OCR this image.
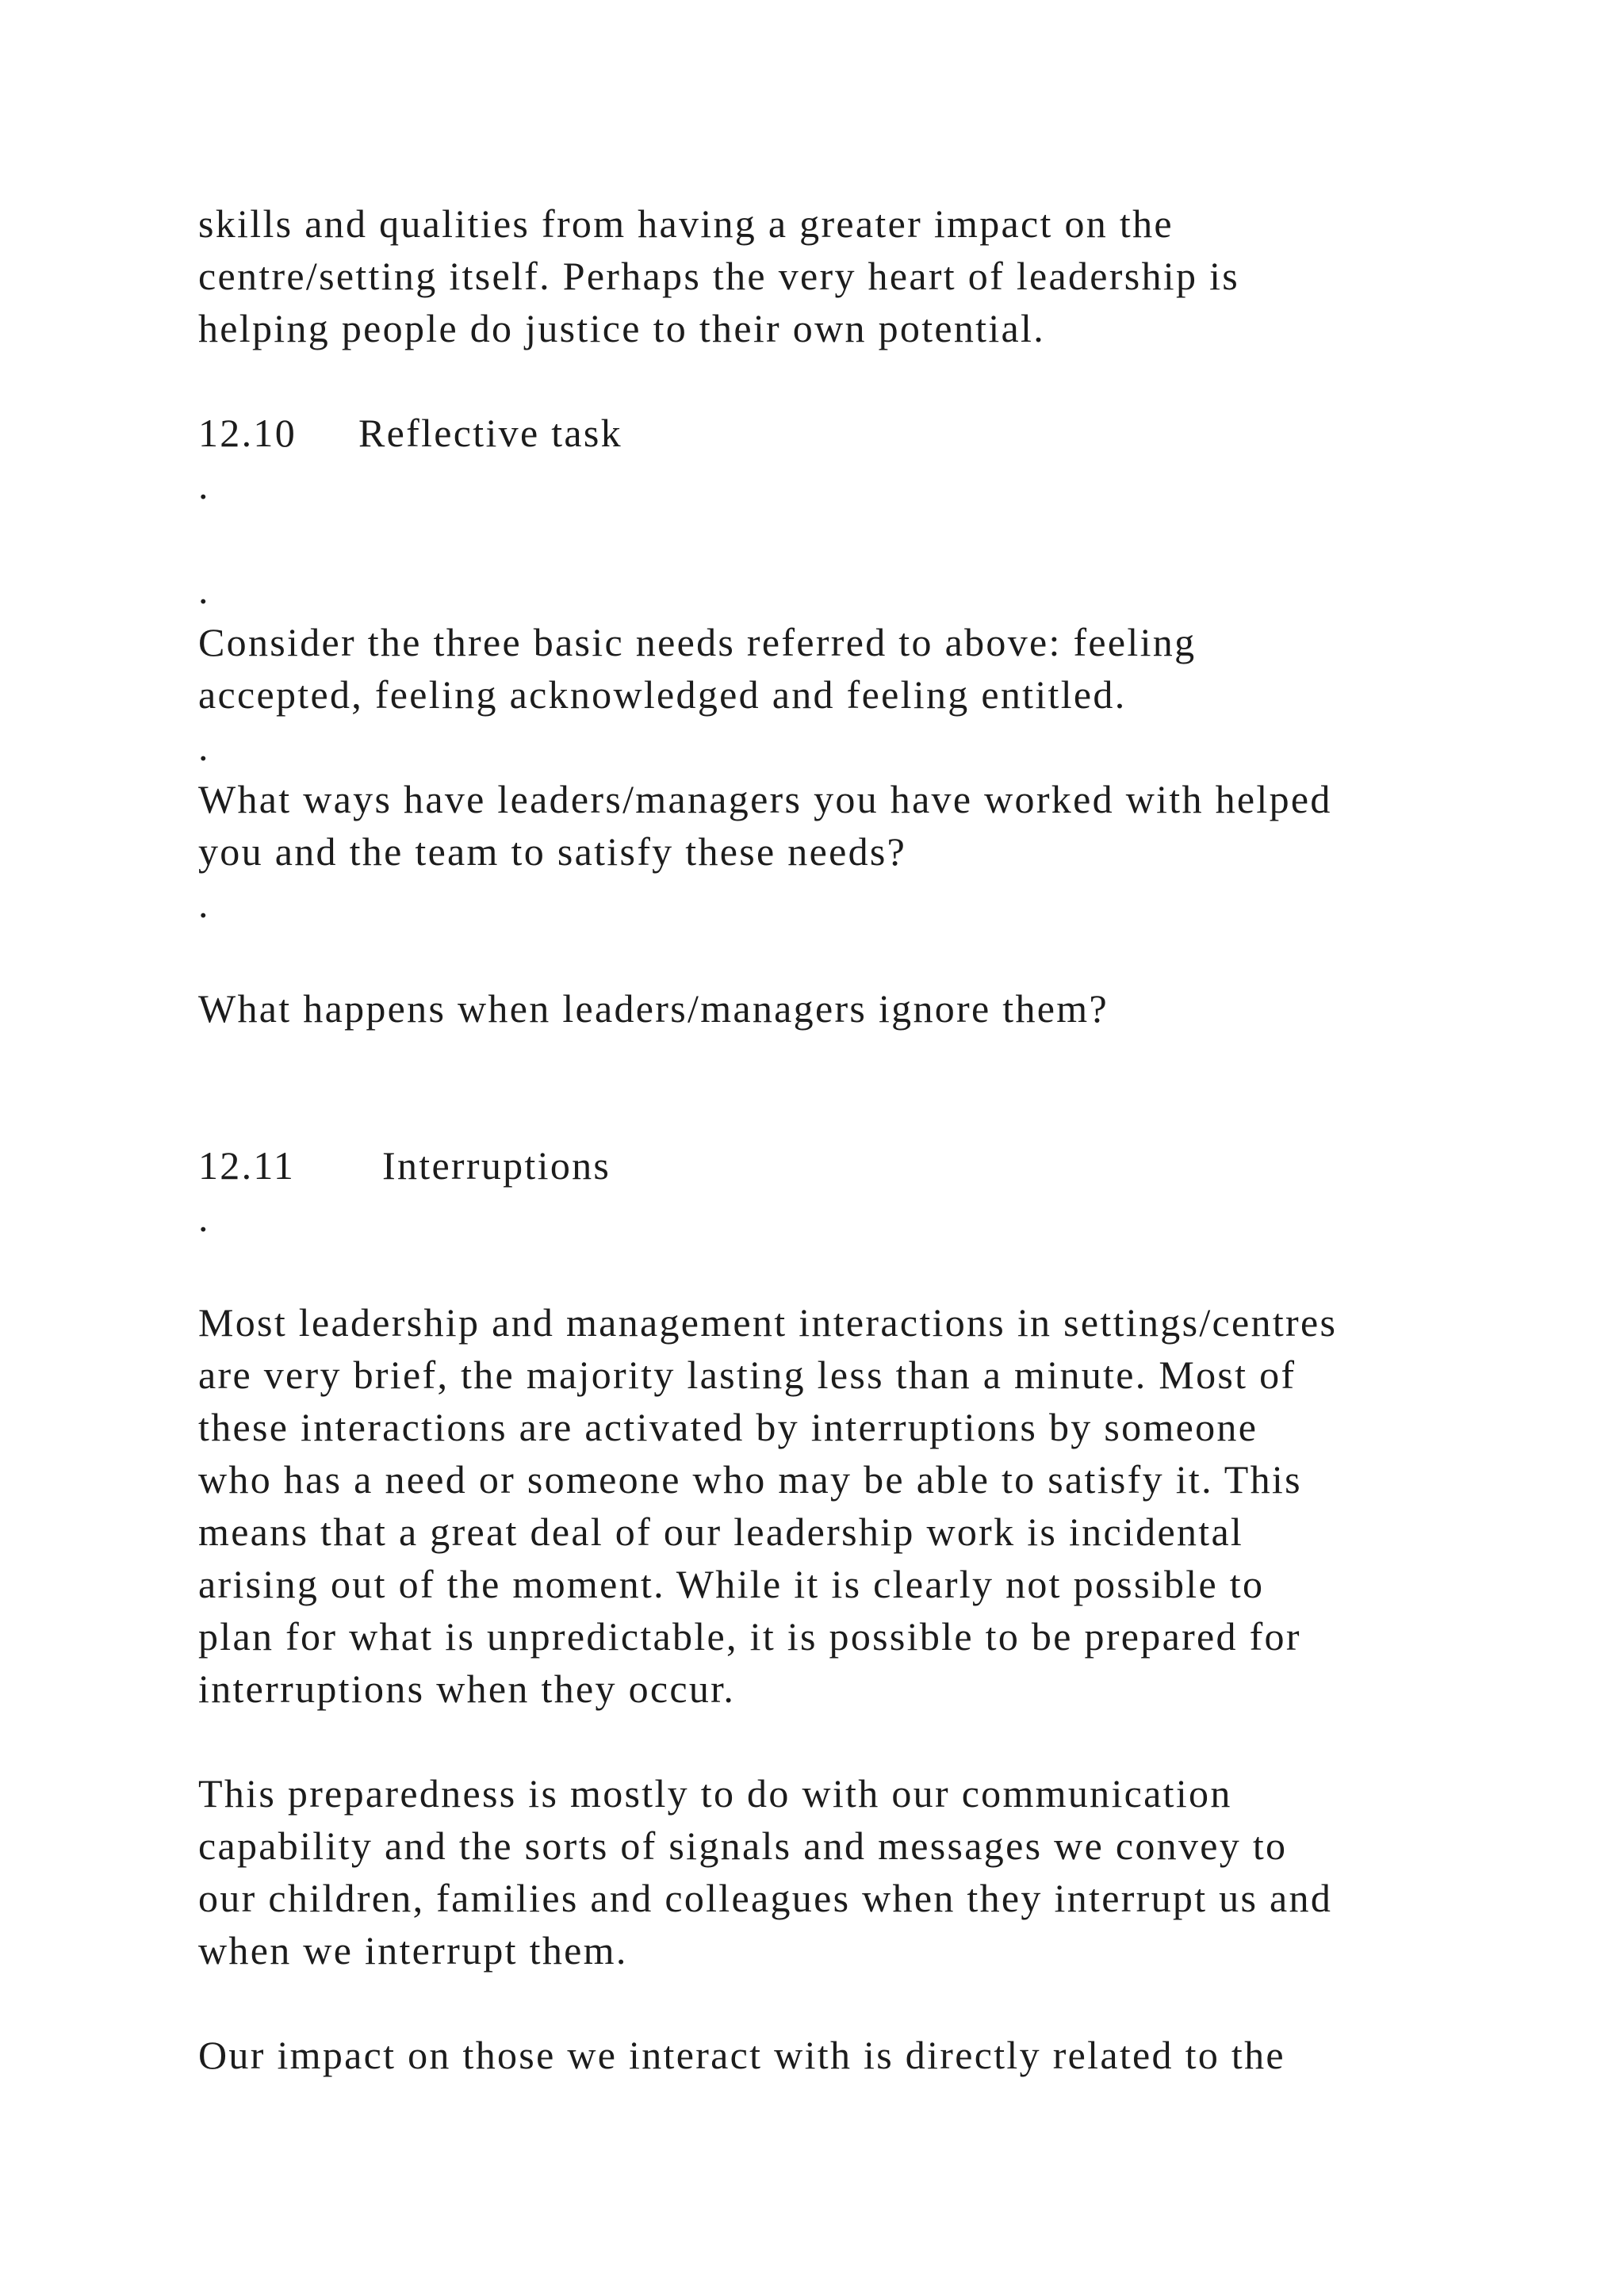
skills and qualities from having a greater impact on the

centre/setting itself. Perhaps the very heart of leadership is

helping people do justice to their own potential.

12.10 Reflective task

.

.

Consider the three basic needs referred to above: feeling

accepted, feeling acknowledged and feeling entitled.

.

What ways have leaders/managers you have worked with helped

you and the team to satisfy these needs?

.

What happens when leaders/managers ignore them?

12.11 Interruptions

.

Most leadership and management interactions in settings/centres

are very brief, the majority lasting less than a minute. Most of

these interactions are activated by interruptions by someone

who has a need or someone who may be able to satisfy it. This

means that a great deal of our leadership work is incidental

arising out of the moment. While it is clearly not possible to

plan for what is unpredictable, it is possible to be prepared for

interruptions when they occur.

This preparedness is mostly to do with our communication

capability and the sorts of signals and messages we convey to

our children, families and colleagues when they interrupt us and

when we interrupt them.

Our impact on those we interact with is directly related to the
